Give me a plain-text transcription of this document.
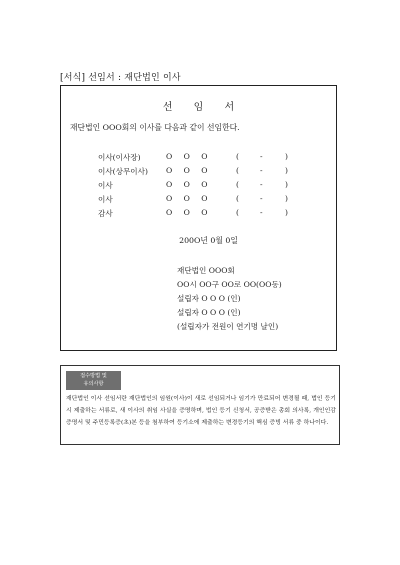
[서식] 선임서 : 재단법인 이사
선 임 서
재단법인 OOO회의 이사를 다음과 같이 선임한다.
이사(이사장)	O O O	(	-	)
이사(상무이사) O O O	(	-	)
이사	O O O	(	-	)
이사	O O O	(	-	)
감사	O O O	(	-	)
200O년 0월 0일
재단법인 OOO회
OO시 OO구 OO로 OO(OO동)
설립자 O O O (인)
설립자 O O O (인)
(설립자가 전원이 연기명 날인)
접수방법 및
유의사항
재단법인 이사 선임서란 재단법인의 임원(이사)이 새로 선임되거나 임기가 만료되어 변경될 때, 법인 등기 시 제출하는 서류로, 새 이사의 취임 사실을 증명하며, 법인 등기 신청서, 공증받은 총회 의사록, 개인인감증명서 및 주민등록증(초)본 등을 첨부하여 등기소에 제출하는 변경등기의 핵심 증빙 서류 중 하나이다.
